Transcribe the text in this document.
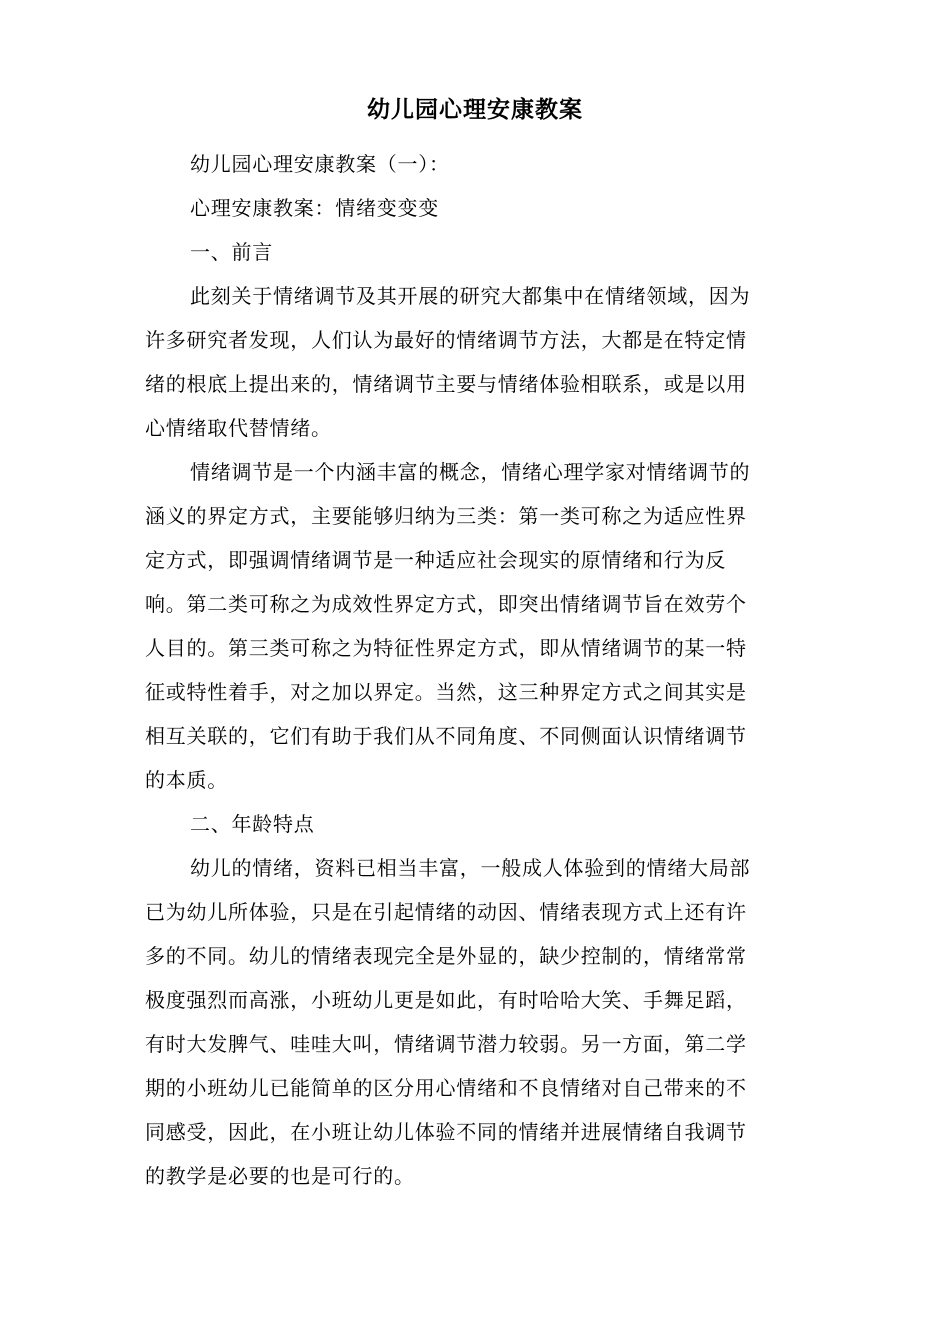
幼儿园心理安康教案
幼儿园心理安康教案（一）：
心理安康教案：情绪变变变
一、前言
此刻关于情绪调节及其开展的研究大都集中在情绪领域，因为
许多研究者发现，人们认为最好的情绪调节方法，大都是在特定情
绪的根底上提出来的，情绪调节主要与情绪体验相联系，或是以用
心情绪取代替情绪。
情绪调节是一个内涵丰富的概念，情绪心理学家对情绪调节的
涵义的界定方式，主要能够归纳为三类：第一类可称之为适应性界
定方式，即强调情绪调节是一种适应社会现实的原情绪和行为反
响。第二类可称之为成效性界定方式，即突出情绪调节旨在效劳个
人目的。第三类可称之为特征性界定方式，即从情绪调节的某一特
征或特性着手，对之加以界定。当然，这三种界定方式之间其实是
相互关联的，它们有助于我们从不同角度、不同侧面认识情绪调节
的本质。
二、年龄特点
幼儿的情绪，资料已相当丰富，一般成人体验到的情绪大局部
已为幼儿所体验，只是在引起情绪的动因、情绪表现方式上还有许
多的不同。幼儿的情绪表现完全是外显的，缺少控制的，情绪常常
极度强烈而高涨，小班幼儿更是如此，有时哈哈大笑、手舞足蹈，
有时大发脾气、哇哇大叫，情绪调节潜力较弱。另一方面，第二学
期的小班幼儿已能简单的区分用心情绪和不良情绪对自己带来的不
同感受，因此，在小班让幼儿体验不同的情绪并进展情绪自我调节
的教学是必要的也是可行的。
